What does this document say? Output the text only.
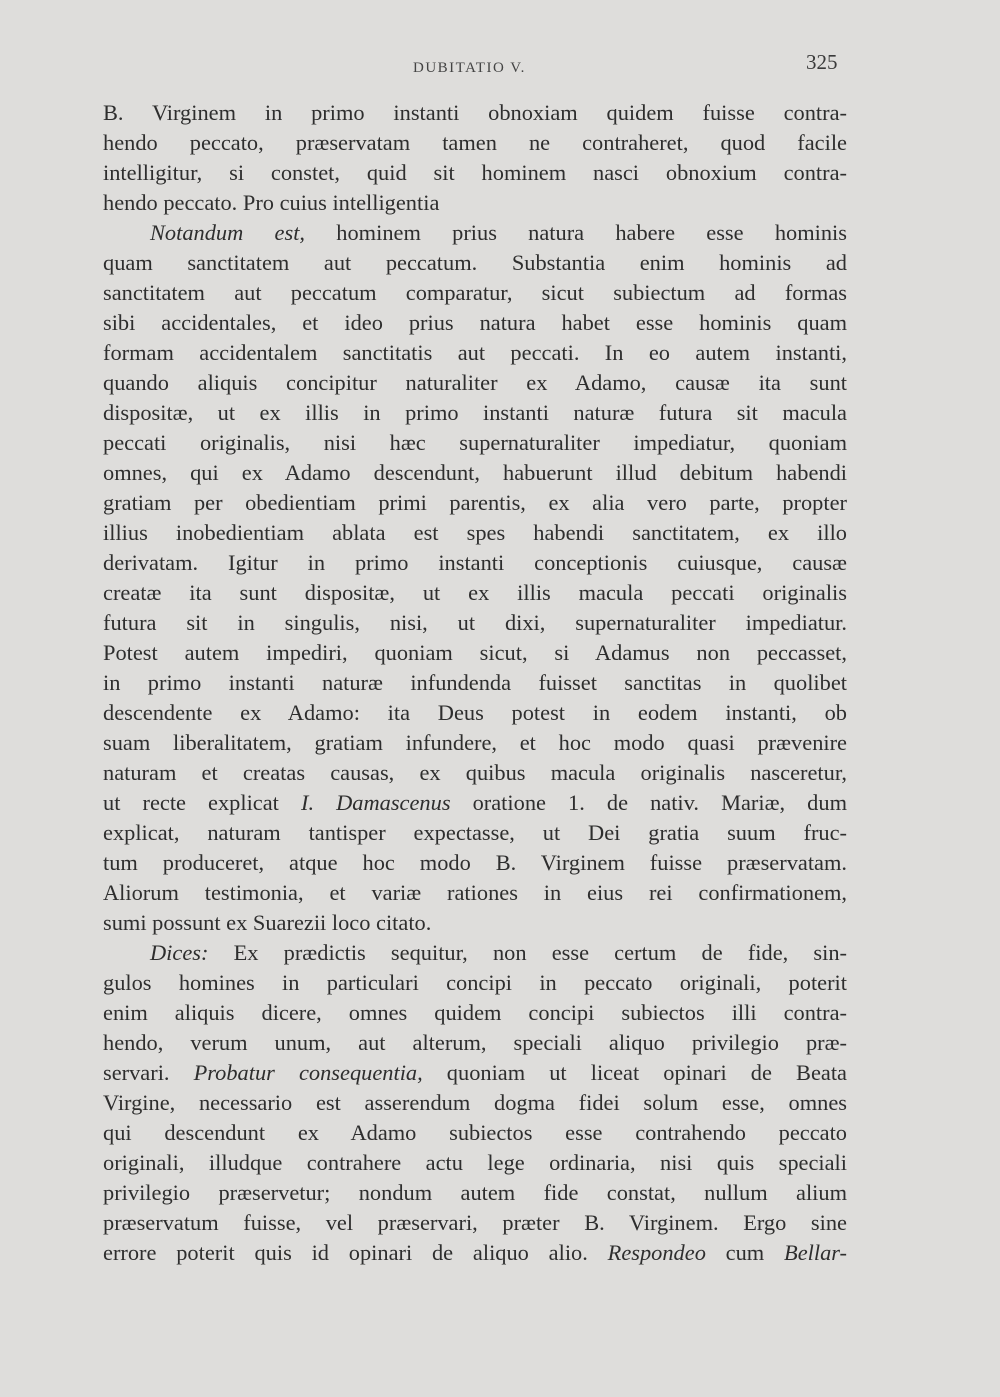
DUBITATIO V.	325
B. Virginem in primo instanti obnoxiam quidem fuisse contra-
hendo peccato, præservatam tamen ne contraheret, quod facile
intelligitur, si constet, quid sit hominem nasci obnoxium contra-
hendo peccato. Pro cuius intelligentia
Notandum est, hominem prius natura habere esse hominis
quam sanctitatem aut peccatum. Substantia enim hominis ad
sanctitatem aut peccatum comparatur, sicut subiectum ad formas
sibi accidentales, et ideo prius natura habet esse hominis quam
formam accidentalem sanctitatis aut peccati. In eo autem instanti,
quando aliquis concipitur naturaliter ex Adamo, causæ ita sunt
dispositæ, ut ex illis in primo instanti naturæ futura sit macula
peccati originalis, nisi hæc supernaturaliter impediatur, quoniam
omnes, qui ex Adamo descendunt, habuerunt illud debitum habendi
gratiam per obedientiam primi parentis, ex alia vero parte, propter
illius inobedientiam ablata est spes habendi sanctitatem, ex illo
derivatam. Igitur in primo instanti conceptionis cuiusque, causæ
creatæ ita sunt dispositæ, ut ex illis macula peccati originalis
futura sit in singulis, nisi, ut dixi, supernaturaliter impediatur.
Potest autem impediri, quoniam sicut, si Adamus non peccasset,
in primo instanti naturæ infundenda fuisset sanctitas in quolibet
descendente ex Adamo: ita Deus potest in eodem instanti, ob
suam liberalitatem, gratiam infundere, et hoc modo quasi prævenire
naturam et creatas causas, ex quibus macula originalis nasceretur,
ut recte explicat I. Damascenus oratione 1. de nativ. Mariæ, dum
explicat, naturam tantisper expectasse, ut Dei gratia suum fruc-
tum produceret, atque hoc modo B. Virginem fuisse præservatam.
Aliorum testimonia, et variæ rationes in eius rei confirmationem,
sumi possunt ex Suarezii loco citato.
Dices: Ex prædictis sequitur, non esse certum de fide, sin-
gulos homines in particulari concipi in peccato originali, poterit
enim aliquis dicere, omnes quidem concipi subiectos illi contra-
hendo, verum unum, aut alterum, speciali aliquo privilegio præ-
servari. Probatur consequentia, quoniam ut liceat opinari de Beata
Virgine, necessario est asserendum dogma fidei solum esse, omnes
qui descendunt ex Adamo subiectos esse contrahendo peccato
originali, illudque contrahere actu lege ordinaria, nisi quis speciali
privilegio præservetur; nondum autem fide constat, nullum alium
præservatum fuisse, vel præservari, præter B. Virginem. Ergo sine
errore poterit quis id opinari de aliquo alio. Respondeo cum Bellar-
